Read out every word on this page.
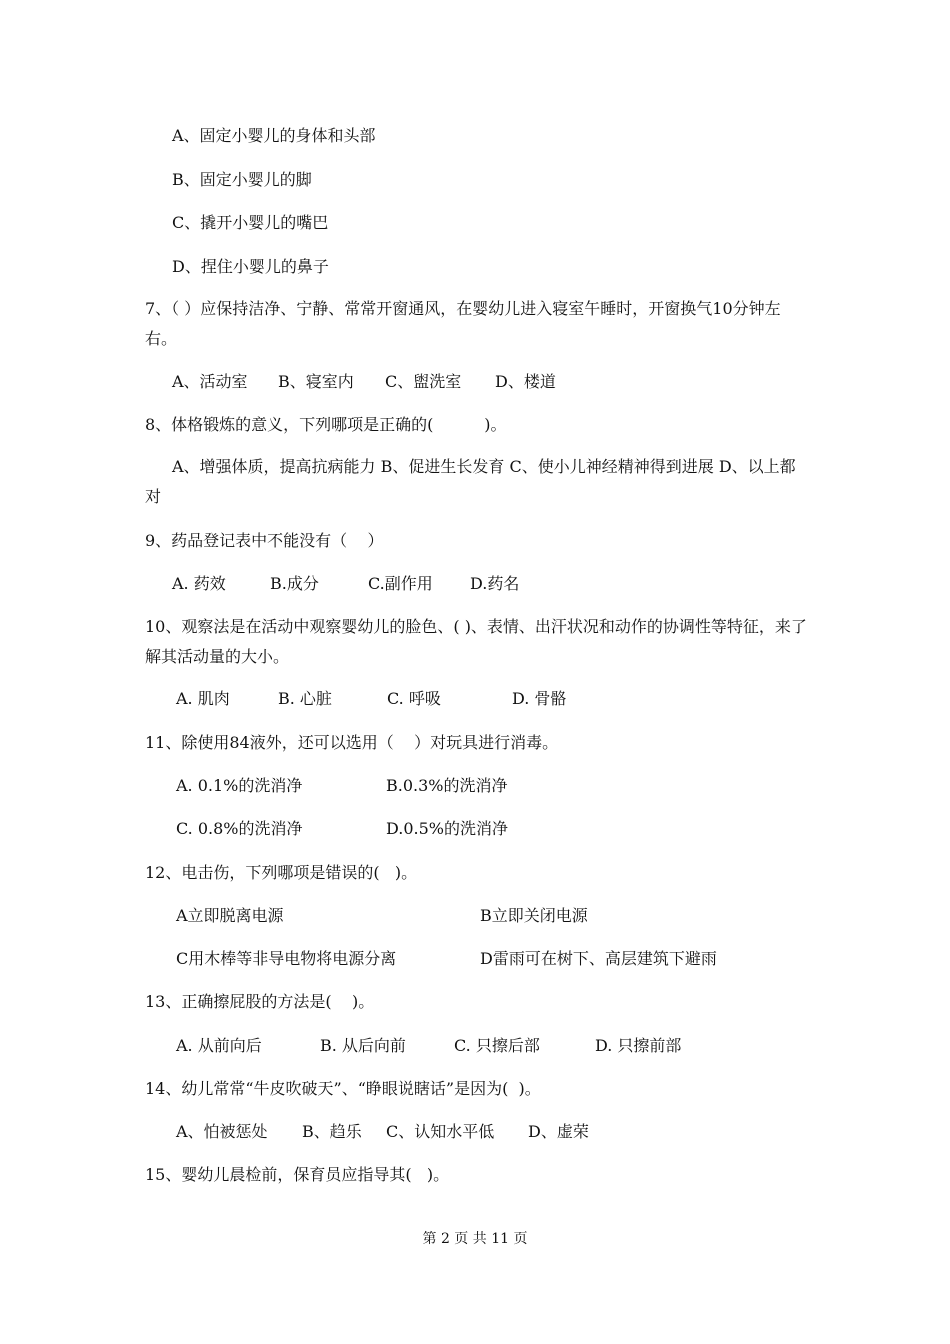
A、固定小婴儿的身体和头部
B、固定小婴儿的脚
C、撬开小婴儿的嘴巴
D、捏住小婴儿的鼻子
7、（ ）应保持洁净、宁静、常常开窗通风，在婴幼儿进入寝室午睡时，开窗换气10分钟左右。
A、活动室 B、寝室内 C、盥洗室 D、楼道
8、体格锻炼的意义，下列哪项是正确的(          )。
A、增强体质，提高抗病能力 B、促进生长发育 C、使小儿神经精神得到进展 D、以上都对
9、药品登记表中不能没有（    ）
A. 药效	B.成分	C.副作用 D.药名
10、观察法是在活动中观察婴幼儿的脸色、( )、表情、出汗状况和动作的协调性等特征，来了解其活动量的大小。
A. 肌肉	B. 心脏	C. 呼吸	D. 骨骼
11、除使用84液外，还可以选用（    ）对玩具进行消毒。
A. 0.1%的洗消净	B.0.3%的洗消净
C. 0.8%的洗消净	D.0.5%的洗消净
12、电击伤，下列哪项是错误的(   )。
A立即脱离电源	B立即关闭电源
C用木棒等非导电物将电源分离	D雷雨可在树下、高层建筑下避雨
13、正确擦屁股的方法是(    )。
A. 从前向后	B. 从后向前	C. 只擦后部	D. 只擦前部
14、幼儿常常“牛皮吹破天”、“睁眼说瞎话”是因为(  )。
A、怕被惩处 B、趋乐 C、认知水平低 D、虚荣
15、婴幼儿晨检前，保育员应指导其(   )。
第 2 页 共 11 页
